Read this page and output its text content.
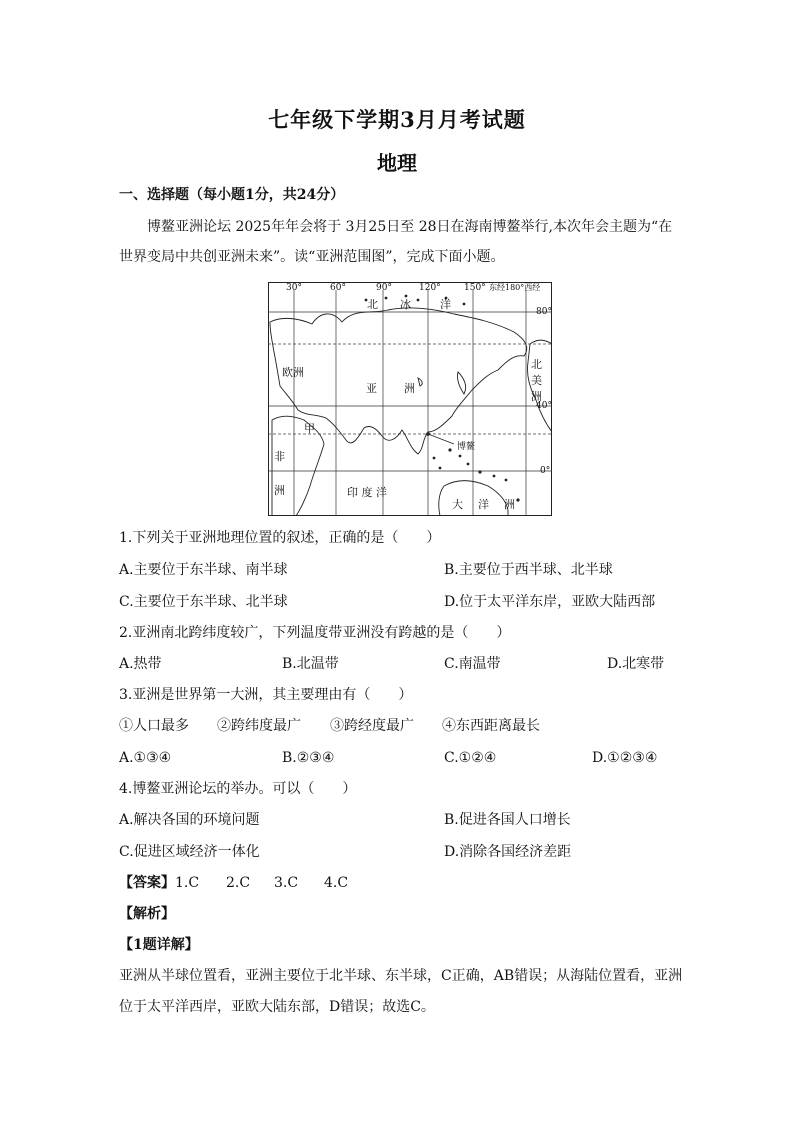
七年级下学期3月月考试题
地理
一、选择题（每小题1分，共24分）
博鳌亚洲论坛 2025年年会将于 3月25日至 28日在海南博鳌举行,本次年会主题为“在
世界变局中共创亚洲未来”。读“亚洲范围图”，完成下面小题。
30°	60°	90°	120°	150° 东经180°西经
80°
40°
0°
北 冰	洋
欧洲
亚 洲
北
美
洲
甲
非
洲	印 度 洋
大 洋 洲
博鳌
1.下列关于亚洲地理位置的叙述，正确的是（　　）
A.主要位于东半球、南半球	B.主要位于西半球、北半球
C.主要位于东半球、北半球	D.位于太平洋东岸，亚欧大陆西部
2.亚洲南北跨纬度较广，下列温度带亚洲没有跨越的是（　　）
A.热带	B.北温带	C.南温带	D.北寒带
3.亚洲是世界第一大洲，其主要理由有（　　）
①人口最多 ②跨纬度最广 ③跨经度最广 ④东西距离最长
A.①③④	B.②③④	C.①②④	D.①②③④
4.博鳌亚洲论坛的举办。可以（　　）
A.解决各国的环境问题	B.促进各国人口增长
C.促进区域经济一体化	D.消除各国经济差距
【答案】 1.C 2.C 3.C 4.C
【解析】
【1题详解】
亚洲从半球位置看，亚洲主要位于北半球、东半球，C正确，AB错误；从海陆位置看，亚洲
位于太平洋西岸，亚欧大陆东部，D错误；故选C。
